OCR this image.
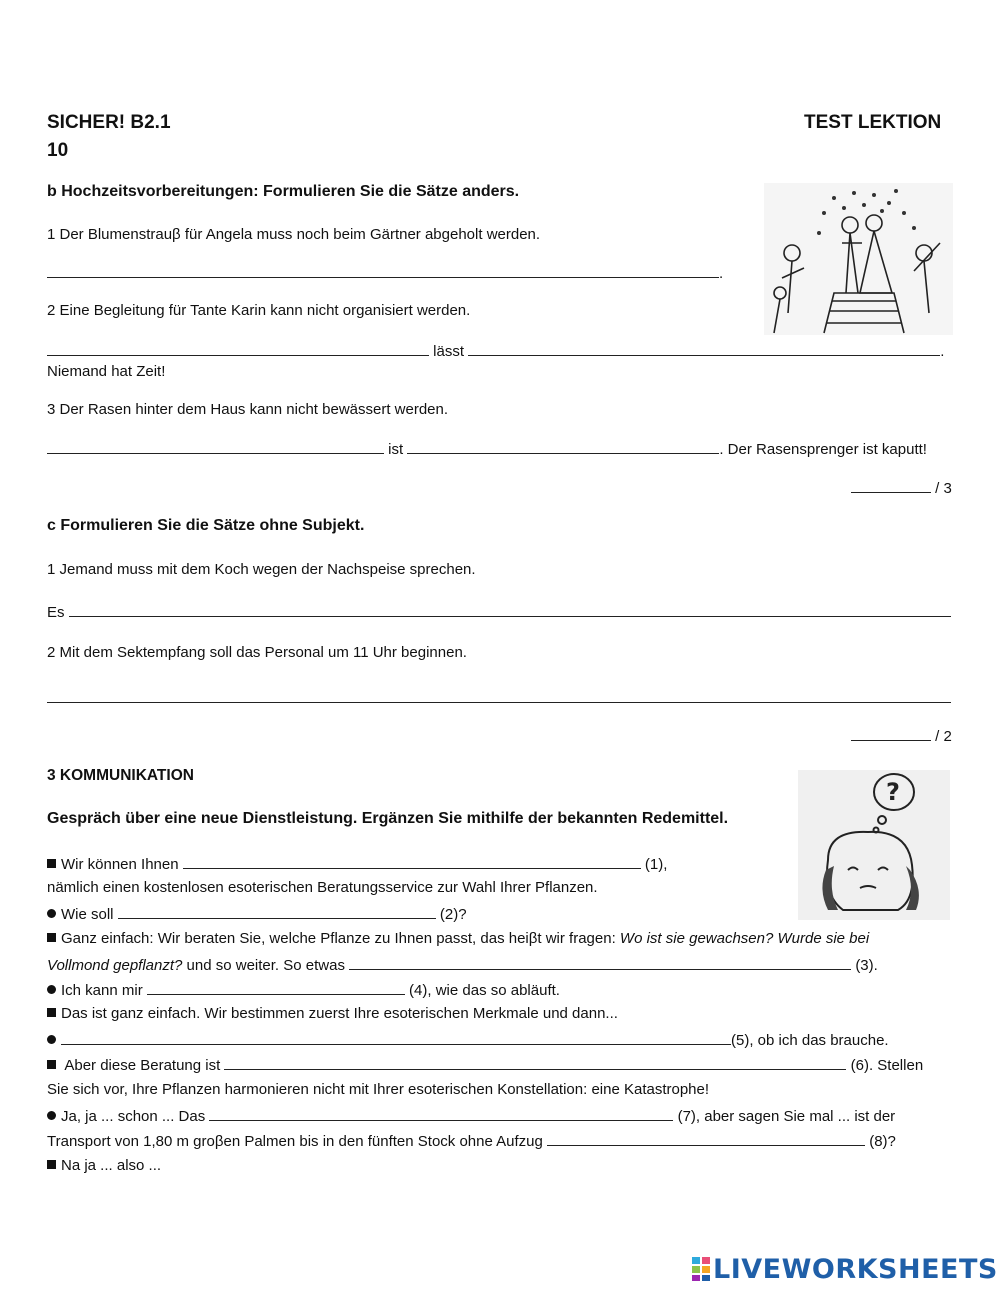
SICHER! B2.1	TEST LEKTION
10
b Hochzeitsvorbereitungen: Formulieren Sie die Sätze anders.
1 Der Blumenstrauβ für Angela muss noch beim Gärtner abgeholt werden.
.
2 Eine Begleitung für Tante Karin kann nicht organisiert werden.
lässt	.
Niemand hat Zeit!
3 Der Rasen hinter dem Haus kann nicht bewässert werden.
ist	. Der Rasensprenger ist kaputt!
/ 3
c Formulieren Sie die Sätze ohne Subjekt.
1 Jemand muss mit dem Koch wegen der Nachspeise sprechen.
Es
2 Mit dem Sektempfang soll das Personal um 11 Uhr beginnen.
/ 2
3 KOMMUNIKATION
Gespräch über eine neue Dienstleistung. Ergänzen Sie mithilfe der bekannten Redemittel.
?
Wir können Ihnen	(1),
nämlich einen kostenlosen esoterischen Beratungsservice zur Wahl Ihrer Pflanzen.
Wie soll	(2)?
Ganz einfach: Wir beraten Sie, welche Pflanze zu Ihnen passt, das heiβt wir fragen: Wo ist sie gewachsen? Wurde sie bei
Vollmond gepflanzt? und so weiter. So etwas	(3).
Ich kann mir	(4), wie das so abläuft.
Das ist ganz einfach. Wir bestimmen zuerst Ihre esoterischen Merkmale und dann...
(5), ob ich das brauche.
Aber diese Beratung ist	(6). Stellen
Sie sich vor, Ihre Pflanzen harmonieren nicht mit Ihrer esoterischen Konstellation: eine Katastrophe!
Ja, ja ... schon ... Das	(7), aber sagen Sie mal ... ist der
Transport von 1,80 m groβen Palmen bis in den fünften Stock ohne Aufzug	(8)?
Na ja ... also ...
LIVEWORKSHEETS
